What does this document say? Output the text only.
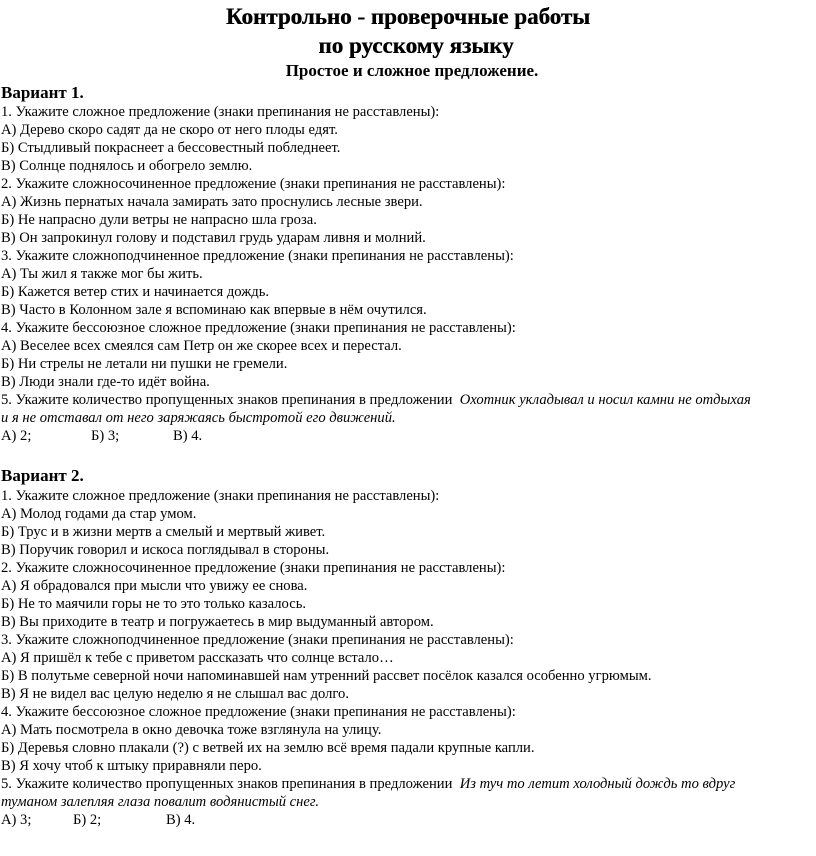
Контрольно - проверочные работы
по русскому языку
Простое и сложное предложение.
Вариант 1.
1. Укажите сложное предложение (знаки препинания не расставлены):
А) Дерево скоро садят да не скоро от него плоды едят.
Б) Стыдливый покраснеет а бессовестный побледнеет.
В) Солнце поднялось и обогрело землю.
2. Укажите сложносочиненное предложение (знаки препинания не расставлены):
А) Жизнь пернатых начала замирать зато проснулись лесные звери.
Б) Не напрасно дули ветры не напрасно шла гроза.
В) Он запрокинул голову и подставил грудь ударам ливня и молний.
3. Укажите сложноподчиненное предложение (знаки препинания не расставлены):
А) Ты жил я также мог бы жить.
Б) Кажется ветер стих и начинается дождь.
В) Часто в Колонном зале я вспоминаю как впервые в нём очутился.
4. Укажите бессоюзное сложное предложение (знаки препинания не расставлены):
А) Веселее всех смеялся сам Петр он же скорее всех и перестал.
Б) Ни стрелы не летали ни пушки не гремели.
В) Люди знали где-то идёт война.
5. Укажите количество пропущенных знаков препинания в предложении Охотник укладывал и носил камни не отдыхая
и я не отставал от него заряжаясь быстротой его движений.
А) 2;	Б) 3;	В) 4.
Вариант 2.
1. Укажите сложное предложение (знаки препинания не расставлены):
А) Молод годами да стар умом.
Б) Трус и в жизни мертв а смелый и мертвый живет.
В) Поручик говорил и искоса поглядывал в стороны.
2. Укажите сложносочиненное предложение (знаки препинания не расставлены):
А) Я обрадовался при мысли что увижу ее снова.
Б) Не то маячили горы не то это только казалось.
В) Вы приходите в театр и погружаетесь в мир выдуманный автором.
3. Укажите сложноподчиненное предложение (знаки препинания не расставлены):
А) Я пришёл к тебе с приветом рассказать что солнце встало…
Б) В полутьме северной ночи напоминавшей нам утренний рассвет посёлок казался особенно угрюмым.
В) Я не видел вас целую неделю я не слышал вас долго.
4. Укажите бессоюзное сложное предложение (знаки препинания не расставлены):
А) Мать посмотрела в окно девочка тоже взглянула на улицу.
Б) Деревья словно плакали (?) с ветвей их на землю всё время падали крупные капли.
В) Я хочу чтоб к штыку приравняли перо.
5. Укажите количество пропущенных знаков препинания в предложении Из туч то летит холодный дождь то вдруг
туманом залепляя глаза повалит водянистый снег.
А) 3;	Б) 2;	В) 4.
